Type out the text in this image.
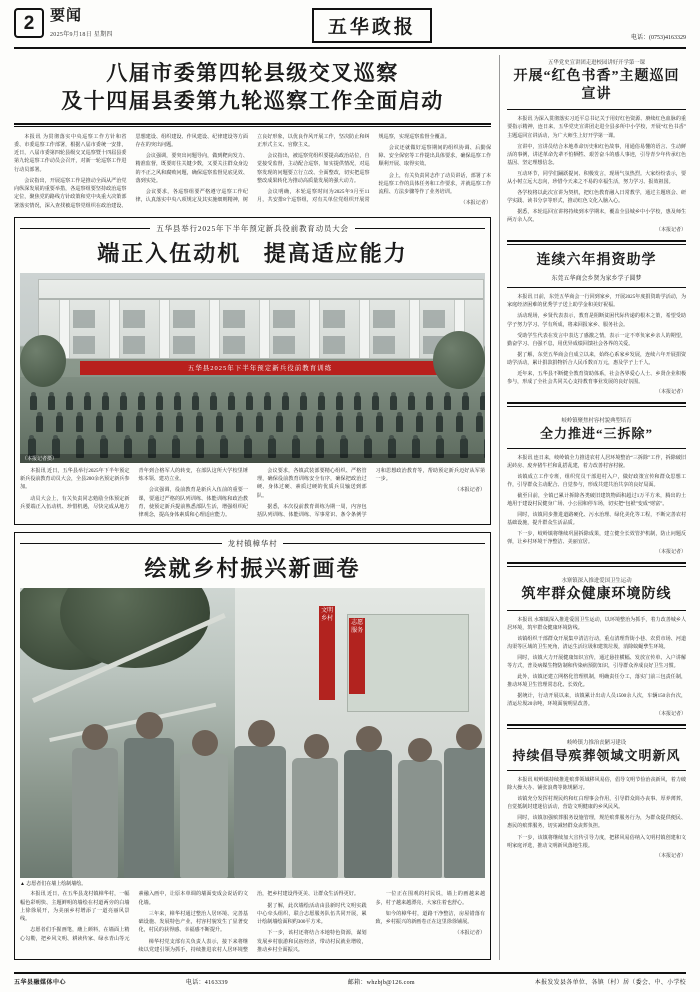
2	要闻
2025年9月18日 星期四	五华政报	电话：(0753)4163329
八届市委第四轮县级交叉巡察
及十四届县委第九轮巡察工作全面启动

本报讯 为贯彻落实中央巡察工作方针和省委、市委巡察工作部署，根据八届市委统一安排，近日，八届市委第四轮县级交叉巡察暨十四届县委第九轮巡察工作动员会召开，对新一轮巡察工作进行动员部署。

会议指出，开展巡察工作是推动全面从严治党向纵深发展的重要举措，各巡察组要坚持政治巡察定位，聚焦党的路线方针政策和党中央重大决策部署落实情况，深入查找被巡察党组织在政治建设、思想建设、组织建设、作风建设、纪律建设等方面存在的突出问题。

会议强调，要突出问题导向，做到靶向发力、精准监督，既要盯住关键少数，又要关注群众身边的不正之风和腐败问题，确保巡察监督见底见效、落到实处。

会议要求，各巡察组要严格遵守巡察工作纪律，认真落实中央八项规定及其实施细则精神，树立良好形象，以优良作风开展工作，坚决防止和纠正形式主义、官僚主义。

会议指出，被巡察党组织要提高政治站位，自觉接受监督，主动配合巡察，如实提供情况，对巡察发现的问题要立行立改、全面整改，切实把巡察整改成果转化为推动高质量发展的强大动力。

会议明确，本轮巡察时间为2025年9月至11月，共安排8个巡察组，对有关单位党组织开展常规巡察，实现巡察监督全覆盖。

会议还就做好巡察期间的组织协调、后勤保障、安全保密等工作提出具体要求，确保巡察工作顺利开展、取得实效。

会上，有关负责同志作了动员讲话，部署了本轮巡察工作的具体任务和工作要求，并就巡察工作流程、方法步骤等作了业务培训。

（本报记者）
五华县举行2025年下半年预定新兵役前教育动员大会
端正入伍动机 提高适应能力
五华县2025年下半年预定新兵役前教育训练
（本报记者摄）

本报讯 近日，五华县举行2025年下半年预定新兵役前教育动员大会，全县200余名预定新兵参加。

动员大会上，有关负责同志勉励全体预定新兵要端正入伍动机、珍惜机遇，尽快完成从地方青年到合格军人的转变，在部队这所大学校里锤炼本领、建功立业。

会议强调，役前教育是新兵入伍前的重要一课，要通过严格的队列训练、体能训练和政治教育，使预定新兵提前熟悉部队生活，增强组织纪律观念，提高身体素质和心理适应能力。

会议要求，各镇武装部要精心组织、严格管理，确保役前教育训练安全有序，确保把政治过硬、身体过硬、素质过硬的优质兵员输送到部队。

据悉，本次役前教育训练为期一周，内容包括队列训练、体能训练、军事常识、条令条例学习和思想政治教育等，帮助预定新兵迈好从军第一步。

（本报记者）
龙村镇樟华村
绘就乡村振兴新画卷
文明乡村
志愿服务
▲ 志愿者们在墙上绘制墙绘。

本报讯 近日，在五华县龙村镇樟华村，一幅幅色彩明快、主题鲜明的墙绘在村道两旁的白墙上徐徐展开，为美丽乡村增添了一道亮丽风景线。

志愿者们手握画笔，蘸上颜料，在墙面上精心勾勒，把乡风文明、耕读传家、绿水青山等元素融入画中，让原本单调的墙面变成会说话的文化墙。

三年来，樟华村通过整治人居环境、完善基础设施、发展特色产业，村容村貌发生了显著变化，村民的获得感、幸福感不断提升。

樟华村党支部有关负责人表示，接下来将继续以党建引领为抓手，持续推进农村人居环境整治，把乡村建设得更美、让群众生活得更好。

据了解，此次墙绘活动由县新时代文明实践中心牵头组织，联合志愿服务队伍共同开展，累计绘制墙绘面积约300平方米。

下一步，该村还将结合本地特色资源，谋划发展乡村旅游和民宿经济，带动村民就业增收，推动乡村全面振兴。

一位正在围观的村民说，墙上的画越来越多，村子越来越漂亮，大家住着也舒心。

如今的樟华村，道路干净整洁，房屋错落有致，乡村振兴的新画卷正在这里徐徐铺展。

（本报记者）
五华党史宣讲团走进校园讲好开学第一课
开展“红色书香”主题巡回宣讲

本报讯 为深入贯彻落实习近平总书记关于用好红色资源、赓续红色血脉的重要指示精神，连日来，五华党史宣讲团走进全县多所中小学校，开展“红色书香”主题巡回宣讲活动，为广大师生上好开学第一课。

宣讲中，宣讲员结合本地革命历史和红色故事，用通俗易懂的语言、生动鲜活的事例，讲述革命先辈不怕牺牲、艰苦奋斗的感人事迹，引导青少年传承红色基因、坚定理想信念。

互动环节，同学们踊跃提问、积极发言，现场气氛热烈。大家纷纷表示，要从小树立远大志向，珍惜今天来之不易的幸福生活，努力学习、报效祖国。

各学校将以此次宣讲为契机，把红色教育融入日常教学，通过主题班会、研学实践、读书分享等形式，推动红色文化入脑入心。

据悉，本轮巡回宣讲将持续到本学期末，覆盖全县城乡中小学校，惠及师生两万余人次。

（本报记者）
连续六年捐资助学
东莞五华商会乡贤为家乡学子圆梦

本报讯 日前，东莞五华商会一行回到家乡，开展2025年度捐资助学活动，为家庭经济困难的优秀学子送上助学金和美好祝福。

活动现场，乡贤代表表示，教育是阻断贫困代际传递的根本之策，希望受助学子努力学习、学有所成，将来回报家乡、服务社会。

受助学生代表在发言中表达了感激之情，表示一定不辜负家乡亲人的期望，勤奋学习、自强不息，用优异成绩回馈社会各界的关爱。

据了解，东莞五华商会自成立以来，始终心系家乡发展，连续六年开展捐资助学活动，累计捐款捐物折合人民币数百万元，惠及学子上千人。

近年来，五华县不断健全教育资助体系，社会各界爱心人士、乡贤企业积极参与，形成了全社会共同关心支持教育事业发展的良好氛围。

（本报记者）
岐岭镇聚焦村容村貌典型培育
全力推进“三拆除”

本报讯 连日来，岐岭镇全力推进农村人居环境整治“三拆除”工作，拆除破旧泥砖房、废弃猪牛栏和乱搭乱建，着力改善村容村貌。

该镇成立工作专班，组织党员干部进村入户，做好政策宣传和群众思想工作，引导群众主动配合、自觉参与，形成共建共治共享的良好局面。

截至目前，全镇已累计拆除各类破旧建筑物面积超过1万平方米，腾出的土地用于建设村民健身广场、小公园和停车场，切实把“包袱”变成“财富”。

同时，该镇同步推进道路硬化、污水治理、绿化美化等工程，不断完善农村基础设施，提升群众生活品质。

下一步，岐岭镇将继续巩固拆除成果，建立健全长效管护机制，防止问题反弹，让乡村环境干净整洁、美丽宜居。

（本报记者）
水寨镇深入推进爱国卫生运动
筑牢群众健康环境防线

本报讯 水寨镇深入推进爱国卫生运动，以环境整治为抓手，着力改善城乡人居环境，筑牢群众健康环境防线。

该镇组织干部群众开展集中清洁行动，重点清理背街小巷、农贸市场、河道沟渠等区域的卫生死角，清运生活垃圾和建筑垃圾，消除蚊蝇孳生环境。

同时，该镇大力开展健康知识宣传，通过悬挂横幅、发放宣传单、入户讲解等方式，普及病媒生物防制和传染病预防知识，引导群众养成良好卫生习惯。

此外，该镇还建立网格化管理机制，明确责任分工，落实门前三包责任制，推动环境卫生管理常态化、长效化。

据统计，行动开展以来，该镇累计出动人员1500余人次，车辆150余台次，清运垃圾20余吨，环境面貌明显改善。

（本报记者）
岐岭镇力推治丧陋习建设
持续倡导殡葬领域文明新风

本报讯 岐岭镇持续推进殡葬领域移风易俗，倡导文明节俭治丧新风，着力破除大操大办、铺张浪费等陈规陋习。

该镇充分发挥村规民约和红白理事会作用，引导群众简办丧事、厚养薄葬，自觉抵制封建迷信活动，营造文明健康的乡风民风。

同时，该镇加强殡葬服务设施管理，规范殡葬服务行为，为群众提供便民、惠民的殡葬服务，切实减轻群众丧葬负担。

下一步，该镇将继续加大宣传引导力度，把移风易俗纳入文明村镇创建和文明家庭评选，推动文明新风落地生根。

（本报记者）
五华县融媒体中心	电话：4163339	邮箱：whzbjb@126.com	本报发发县各单位、各镇（村）居（委会、中、小学校
